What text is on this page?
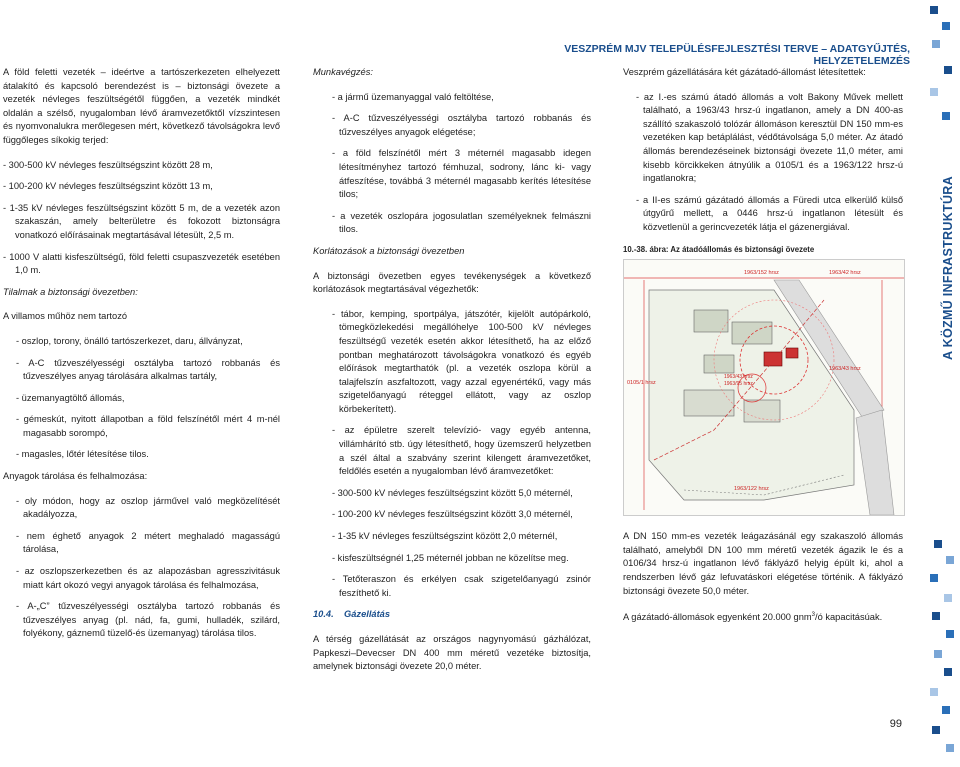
VESZPRÉM MJV TELEPÜLÉSFEJLESZTÉSI TERVE – ADATGYŰJTÉS, HELYZETELEMZÉS

A föld feletti vezeték – ideértve a tartószerkezeten elhelyezett átalakító és kapcsoló berendezést is – biztonsági övezete a vezeték névleges feszültségétől függően, a vezeték mindkét oldalán a szélső, nyugalomban lévő áramvezetőktől vízszintesen és nyomvonalukra merőlegesen mért, következő távolságokra levő függőleges síkokig terjed:

- 300-500 kV névleges feszültségszint között 28 m,

- 100-200 kV névleges feszültségszint között 13 m,

- 1-35 kV névleges feszültségszint között 5 m, de a vezeték azon szakaszán, amely belterületre és fokozott biztonságra vonatkozó előírásainak megtartásával létesült, 2,5 m.

- 1000 V alatti kisfeszültségű, föld feletti csupaszvezeték esetében 1,0 m.

Tilalmak a biztonsági övezetben:

A villamos műhöz nem tartozó

- oszlop, torony, önálló tartószerkezet, daru, állványzat,

- A-C tűzveszélyességi osztályba tartozó robbanás és tűzveszélyes anyag tárolására alkalmas tartály,

- üzemanyagtöltő állomás,

- gémeskút, nyitott állapotban a föld felszínétől mért 4 m-nél magasabb sorompó,

- magasles, lőtér létesítése tilos.

Anyagok tárolása és felhalmozása:

- oly módon, hogy az oszlop járművel való megközelítését akadályozza,

- nem éghető anyagok 2 métert meghaladó magasságú tárolása,

- az oszlopszerkezetben és az alapozásban agresszivitásuk miatt kárt okozó vegyi anyagok tárolása és felhalmozása,

- A-„C” tűzveszélyességi osztályba tartozó robbanás és tűzveszélyes anyag (pl. nád, fa, gumi, hulladék, szilárd, folyékony, gáznemű tüzelő-és üzemanyag) tárolása tilos.

Munkavégzés:

- a jármű üzemanyaggal való feltöltése,

- A-C tűzveszélyességi osztályba tartozó robbanás és tűzveszélyes anyagok elégetése;

- a föld felszínétől mért 3 méternél magasabb idegen létesítményhez tartozó fémhuzal, sodrony, lánc ki- vagy átfeszítése, továbbá 3 méternél magasabb kerítés létesítése tilos;

- a vezeték oszlopára jogosulatlan személyeknek felmászni tilos.

Korlátozások a biztonsági övezetben

A biztonsági övezetben egyes tevékenységek a következő korlátozások megtartásával végezhetők:

- tábor, kemping, sportpálya, játszótér, kijelölt autópárkoló, tömegközlekedési megállóhelye 100-500 kV névleges feszültségű vezeték esetén akkor létesíthető, ha az előző pontban meghatározott távolságokra vonatkozó és egyéb előírások megtarthatók (pl. a vezeték oszlopa körül a talajfelszín aszfaltozott, vagy azzal egyenértékű, vagy más szigetelőanyagú réteggel ellátott, vagy az oszlop körbekerített).

- az épületre szerelt televízió- vagy egyéb antenna, villámhárító stb. úgy létesíthető, hogy üzemszerű helyzetben a szél által a szabvány szerint kilengett áramvezetőket, feldőlés esetén a nyugalomban lévő áramvezetőket:

- 300-500 kV névleges feszültségszint között 5,0 méternél,

- 100-200 kV névleges feszültségszint között 3,0 méternél,

- 1-35 kV névleges feszültségszint között 2,0 méternél,

- kisfeszültségnél 1,25 méternél jobban ne közelítse meg.

- Tetőteraszon és erkélyen csak szigetelőanyagú zsinór feszíthető ki.

10.4. Gázellátás

A térség gázellátását az országos nagynyomású gázhálózat, Papkeszi–Devecser DN 400 mm méretű vezetéke biztosítja, amelynek biztonsági övezete 20,0 méter.

Veszprém gázellátására két gázátadó-állomást létesítettek:

- az I.-es számú átadó állomás a volt Bakony Művek mellett található, a 1963/43 hrsz-ú ingatlanon, amely a DN 400-as szállító szakaszoló tolózár állomáson keresztül DN 150 mm-es vezetéken kap betáplálást, védőtávolsága 5,0 méter. Az átadó állomás berendezéseinek biztonsági övezete 11,0 méter, ami kisebb körcikkeken átnyúlik a 0105/1 és a 1963/122 hrsz-ú ingatlanokra;

- a II-es számú gázátadó állomás a Füredi utca elkerülő külső útgyűrű mellett, a 0446 hrsz-ú ingatlanon létesült és közvetlenül a gerincvezeték látja el gázenergiával.

10.-38. ábra: Az átadóállomás és biztonsági övezete

1963/152 hrsz	1963/42 hrsz
0105/1 hrsz
1963/43 hrsz
1963/95 hrsz
1963/43 hrsz
1963/122 hrsz

A DN 150 mm-es vezeték leágazásánál egy szakaszoló állomás található, amelyből DN 100 mm méretű vezeték ágazik le és a 0106/34 hrsz-ú ingatlanon lévő fáklyáző helyig épült ki, ahol a rendszerben lévő gáz lefuvatáskori elégetése történik. A fáklyázó biztonsági övezete 50,0 méter.

A gázátadó-állomások egyenként 20.000 gnm$^3$/ó kapacitásúak.

A KÖZMŰ INFRASTRUKTÚRA
99
